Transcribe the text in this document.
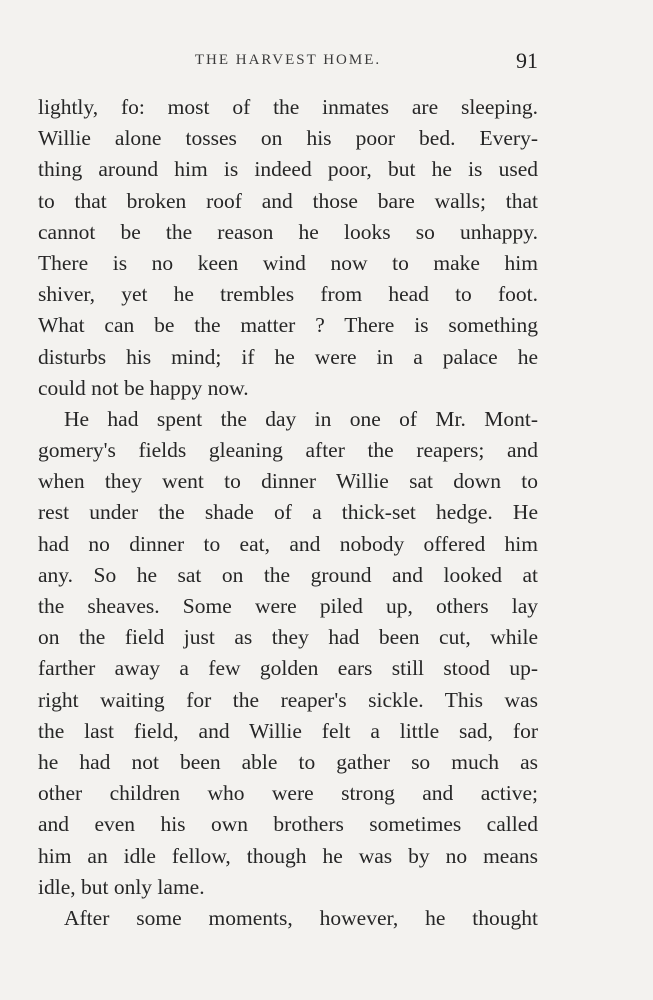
THE HARVEST HOME.	91
lightly, fo: most of the inmates are sleeping.
Willie alone tosses on his poor bed. Every-
thing around him is indeed poor, but he is used
to that broken roof and those bare walls; that
cannot be the reason he looks so unhappy.
There is no keen wind now to make him
shiver, yet he trembles from head to foot.
What can be the matter ? There is something
disturbs his mind; if he were in a palace he
could not be happy now.
He had spent the day in one of Mr. Mont-
gomery's fields gleaning after the reapers; and
when they went to dinner Willie sat down to
rest under the shade of a thick-set hedge. He
had no dinner to eat, and nobody offered him
any. So he sat on the ground and looked at
the sheaves. Some were piled up, others lay
on the field just as they had been cut, while
farther away a few golden ears still stood up-
right waiting for the reaper's sickle. This was
the last field, and Willie felt a little sad, for
he had not been able to gather so much as
other children who were strong and active;
and even his own brothers sometimes called
him an idle fellow, though he was by no means
idle, but only lame.
After some moments, however, he thought
